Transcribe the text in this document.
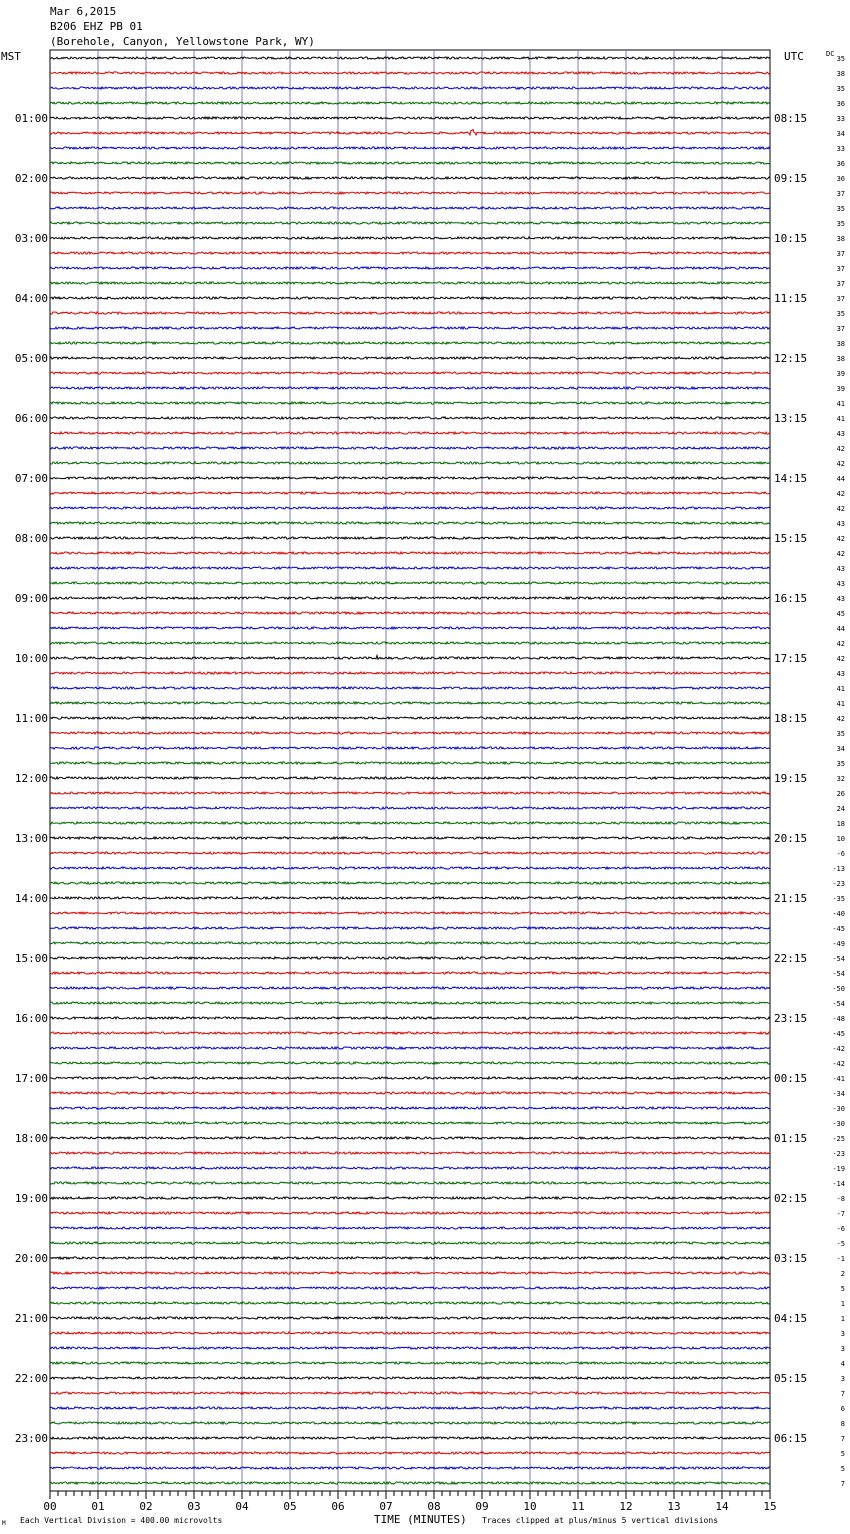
Mar 6,2015
B206 EHZ PB 01
(Borehole, Canyon, Yellowstone Park, WY)
MST	UTC	DC
35
38
35
36
33
34
33
36
36
37
35
35
38
37
37
37
37
35
37
38
38
39
39
41
41
43
42
42
44
42
42
43
42
42
43
43
43
45
44
42
42
43
41
41
42
35
34
35
32
26
24
18
10
-6
-13
-23
-35
-40
-45
-49
-54
-54
-50
-54
-48
-45
-42
-42
-41
-34
-30
-30
-25
-23
-19
-14
-8
-7
-6
-5
-1
2
5
1
1
3
3
4
3
7
6
8
7
5
5
7
01:00
02:00
03:00
04:00
05:00
06:00
07:00
08:00
09:00
10:00
11:00
12:00
13:00
14:00
15:00
16:00
17:00
18:00
19:00
20:00
21:00
22:00
23:00
08:15
09:15
10:15
11:15
12:15
13:15
14:15
15:15
16:15
17:15
18:15
19:15
20:15
21:15
22:15
23:15
00:15
01:15
02:15
03:15
04:15
05:15
06:15
00	01	02	03	04	05	06	07	08	09	10	11	12	13	14	15
M Each Vertical Division = 400.00 microvolts	TIME (MINUTES) Traces clipped at plus/minus 5 vertical divisions
